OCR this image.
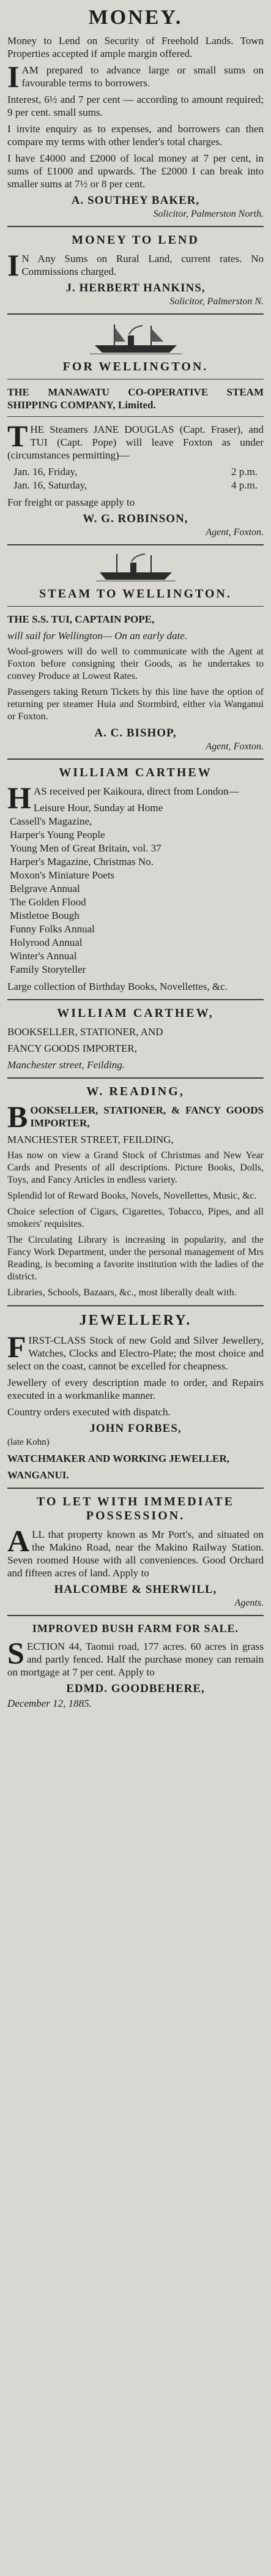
MONEY.

Money to Lend on Security of Freehold Lands. Town Properties accepted if ample margin offered.

IAM prepared to advance large or small sums on favourable terms to borrowers.

Interest, 6½ and 7 per cent — according to amount required; 9 per cent. small sums.

I invite enquiry as to expenses, and borrowers can then compare my terms with other lender's total charges.

I have £4000 and £2000 of local money at 7 per cent, in sums of £1000 and upwards. The £2000 I can break into smaller sums at 7½ or 8 per cent.

A. SOUTHEY BAKER,
Solicitor, Palmerston North.
MONEY TO LEND

IN Any Sums on Rural Land, current rates. No Commissions charged.

J. HERBERT HANKINS,
Solicitor, Palmerston N.
FOR WELLINGTON.

THE MANAWATU CO-OPERATIVE STEAM SHIPPING COMPANY, Limited.

THE Steamers JANE DOUGLAS (Capt. Fraser), and TUI (Capt. Pope) will leave Foxton as under (circumstances permitting)—

Jan. 16, Friday,	2 p.m.
Jan. 16, Saturday,	4 p.m.

For freight or passage apply to

W. G. ROBINSON,
Agent, Foxton.
STEAM TO WELLINGTON.

THE S.S. TUI, CAPTAIN POPE,

will sail for Wellington— On an early date.

Wool-growers will do well to communicate with the Agent at Foxton before consigning their Goods, as he undertakes to convey Produce at Lowest Rates.

Passengers taking Return Tickets by this line have the option of returning per steamer Huia and Stormbird, either via Wanganui or Foxton.

A. C. BISHOP,
Agent, Foxton.
WILLIAM CARTHEW

HAS received per Kaikoura, direct from London—

Leisure Hour, Sunday at Home
Cassell's Magazine,
Harper's Young People
Young Men of Great Britain, vol. 37
Harper's Magazine, Christmas No.
Moxon's Miniature Poets
Belgrave Annual
The Golden Flood
Mistletoe Bough
Funny Folks Annual
Holyrood Annual
Winter's Annual
Family Storyteller

Large collection of Birthday Books, Novellettes, &c.

WILLIAM CARTHEW,

BOOKSELLER, STATIONER, AND

FANCY GOODS IMPORTER,

Manchester street, Feilding.

W. READING,

BOOKSELLER, STATIONER, & FANCY GOODS IMPORTER,

MANCHESTER STREET, FEILDING,

Has now on view a Grand Stock of Christmas and New Year Cards and Presents of all descriptions. Picture Books, Dolls, Toys, and Fancy Articles in endless variety.

Splendid lot of Reward Books, Novels, Novellettes, Music, &c.

Choice selection of Cigars, Cigarettes, Tobacco, Pipes, and all smokers' requisites.

The Circulating Library is increasing in popularity, and the Fancy Work Department, under the personal management of Mrs Reading, is becoming a favorite institution with the ladies of the district.

Libraries, Schools, Bazaars, &c., most liberally dealt with.

JEWELLERY.

FIRST-CLASS Stock of new Gold and Silver Jewellery, Watches, Clocks and Electro-Plate; the most choice and select on the coast, cannot be excelled for cheapness.

Jewellery of every description made to order, and Repairs executed in a workmanlike manner.

Country orders executed with dispatch.

JOHN FORBES,
(late Kohn)
WATCHMAKER AND WORKING JEWELLER,
WANGANUI.
TO LET WITH IMMEDIATE POSSESSION.

ALL that property known as Mr Port's, and situated on the Makino Road, near the Makino Railway Station. Seven roomed House with all conveniences. Good Orchard and fifteen acres of land. Apply to

HALCOMBE & SHERWILL,
Agents.
IMPROVED BUSH FARM FOR SALE.

SECTION 44, Taonui road, 177 acres. 60 acres in grass and partly fenced. Half the purchase money can remain on mortgage at 7 per cent. Apply to

EDMD. GOODBEHERE,
December 12, 1885.
